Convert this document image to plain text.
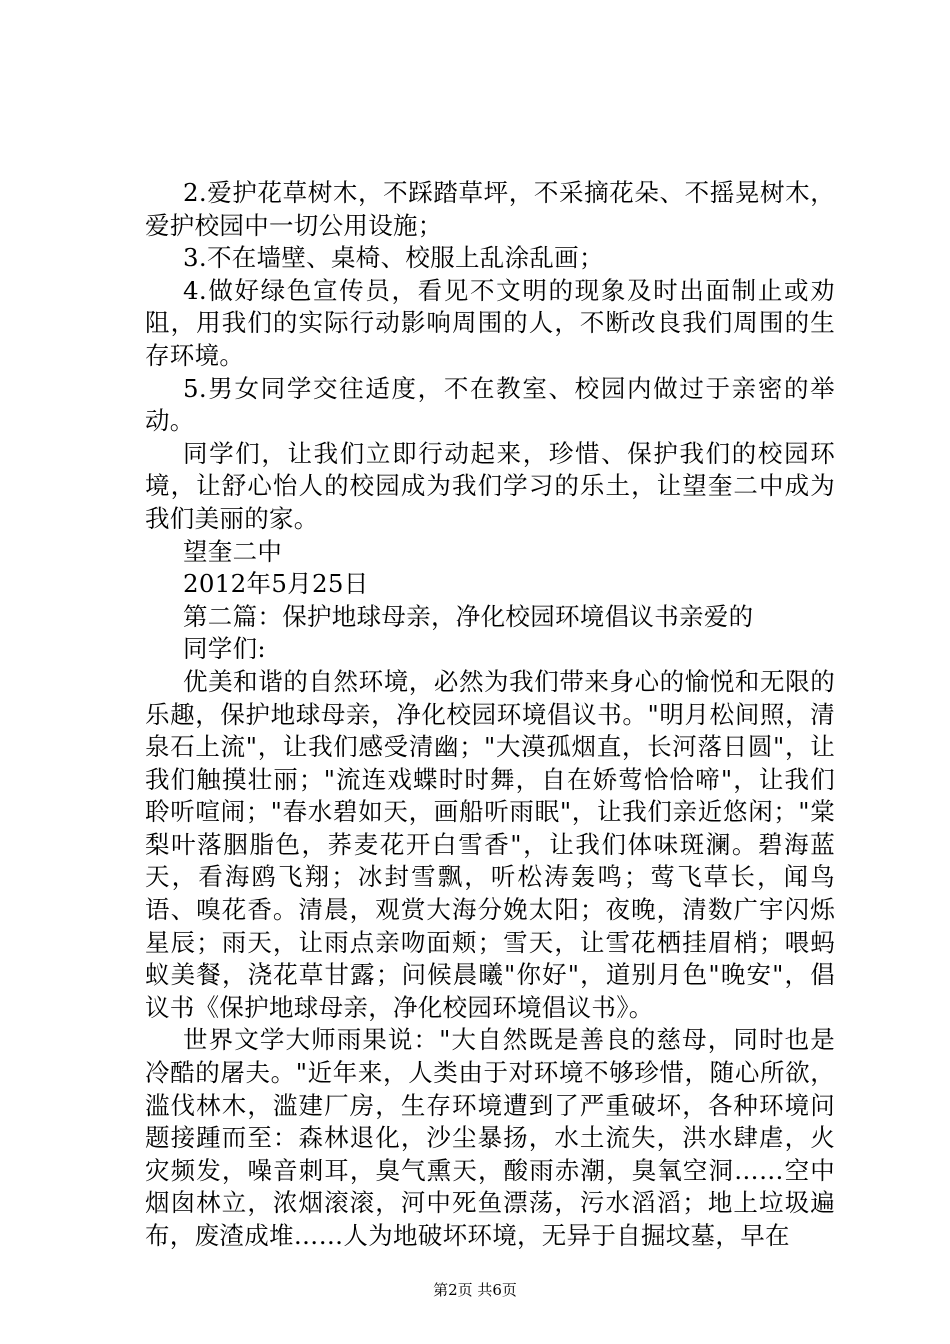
2.爱护花草树木，不踩踏草坪，不采摘花朵、不摇晃树木，爱护校园中一切公用设施；

3.不在墙壁、桌椅、校服上乱涂乱画；

4.做好绿色宣传员，看见不文明的现象及时出面制止或劝阻，用我们的实际行动影响周围的人，不断改良我们周围的生存环境。

5.男女同学交往适度，不在教室、校园内做过于亲密的举动。

同学们，让我们立即行动起来，珍惜、保护我们的校园环境，让舒心怡人的校园成为我们学习的乐土，让望奎二中成为我们美丽的家。

望奎二中

2012年5月25日

第二篇：保护地球母亲，净化校园环境倡议书亲爱的

同学们:

优美和谐的自然环境，必然为我们带来身心的愉悦和无限的乐趣，保护地球母亲，净化校园环境倡议书。"明月松间照，清泉石上流"，让我们感受清幽；"大漠孤烟直，长河落日圆"，让我们触摸壮丽；"流连戏蝶时时舞，自在娇莺恰恰啼"，让我们聆听喧闹；"春水碧如天，画船听雨眠"，让我们亲近悠闲；"棠梨叶落胭脂色，荞麦花开白雪香"，让我们体味斑澜。碧海蓝天，看海鸥飞翔；冰封雪飘，听松涛轰鸣；莺飞草长，闻鸟语、嗅花香。清晨，观赏大海分娩太阳；夜晚，清数广宇闪烁星辰；雨天，让雨点亲吻面颊；雪天，让雪花栖挂眉梢；喂蚂蚁美餐，浇花草甘露；问候晨曦"你好"，道别月色"晚安"，倡议书《保护地球母亲，净化校园环境倡议书》。

世界文学大师雨果说："大自然既是善良的慈母，同时也是冷酷的屠夫。"近年来，人类由于对环境不够珍惜，随心所欲，滥伐林木，滥建厂房，生存环境遭到了严重破坏，各种环境问题接踵而至：森林退化，沙尘暴扬，水土流失，洪水肆虐，火灾频发，噪音刺耳，臭气熏天，酸雨赤潮，臭氧空洞……空中烟囱林立，浓烟滚滚，河中死鱼漂荡，污水滔滔；地上垃圾遍布，废渣成堆……人为地破坏环境，无异于自掘坟墓，早在

第2页 共6页
